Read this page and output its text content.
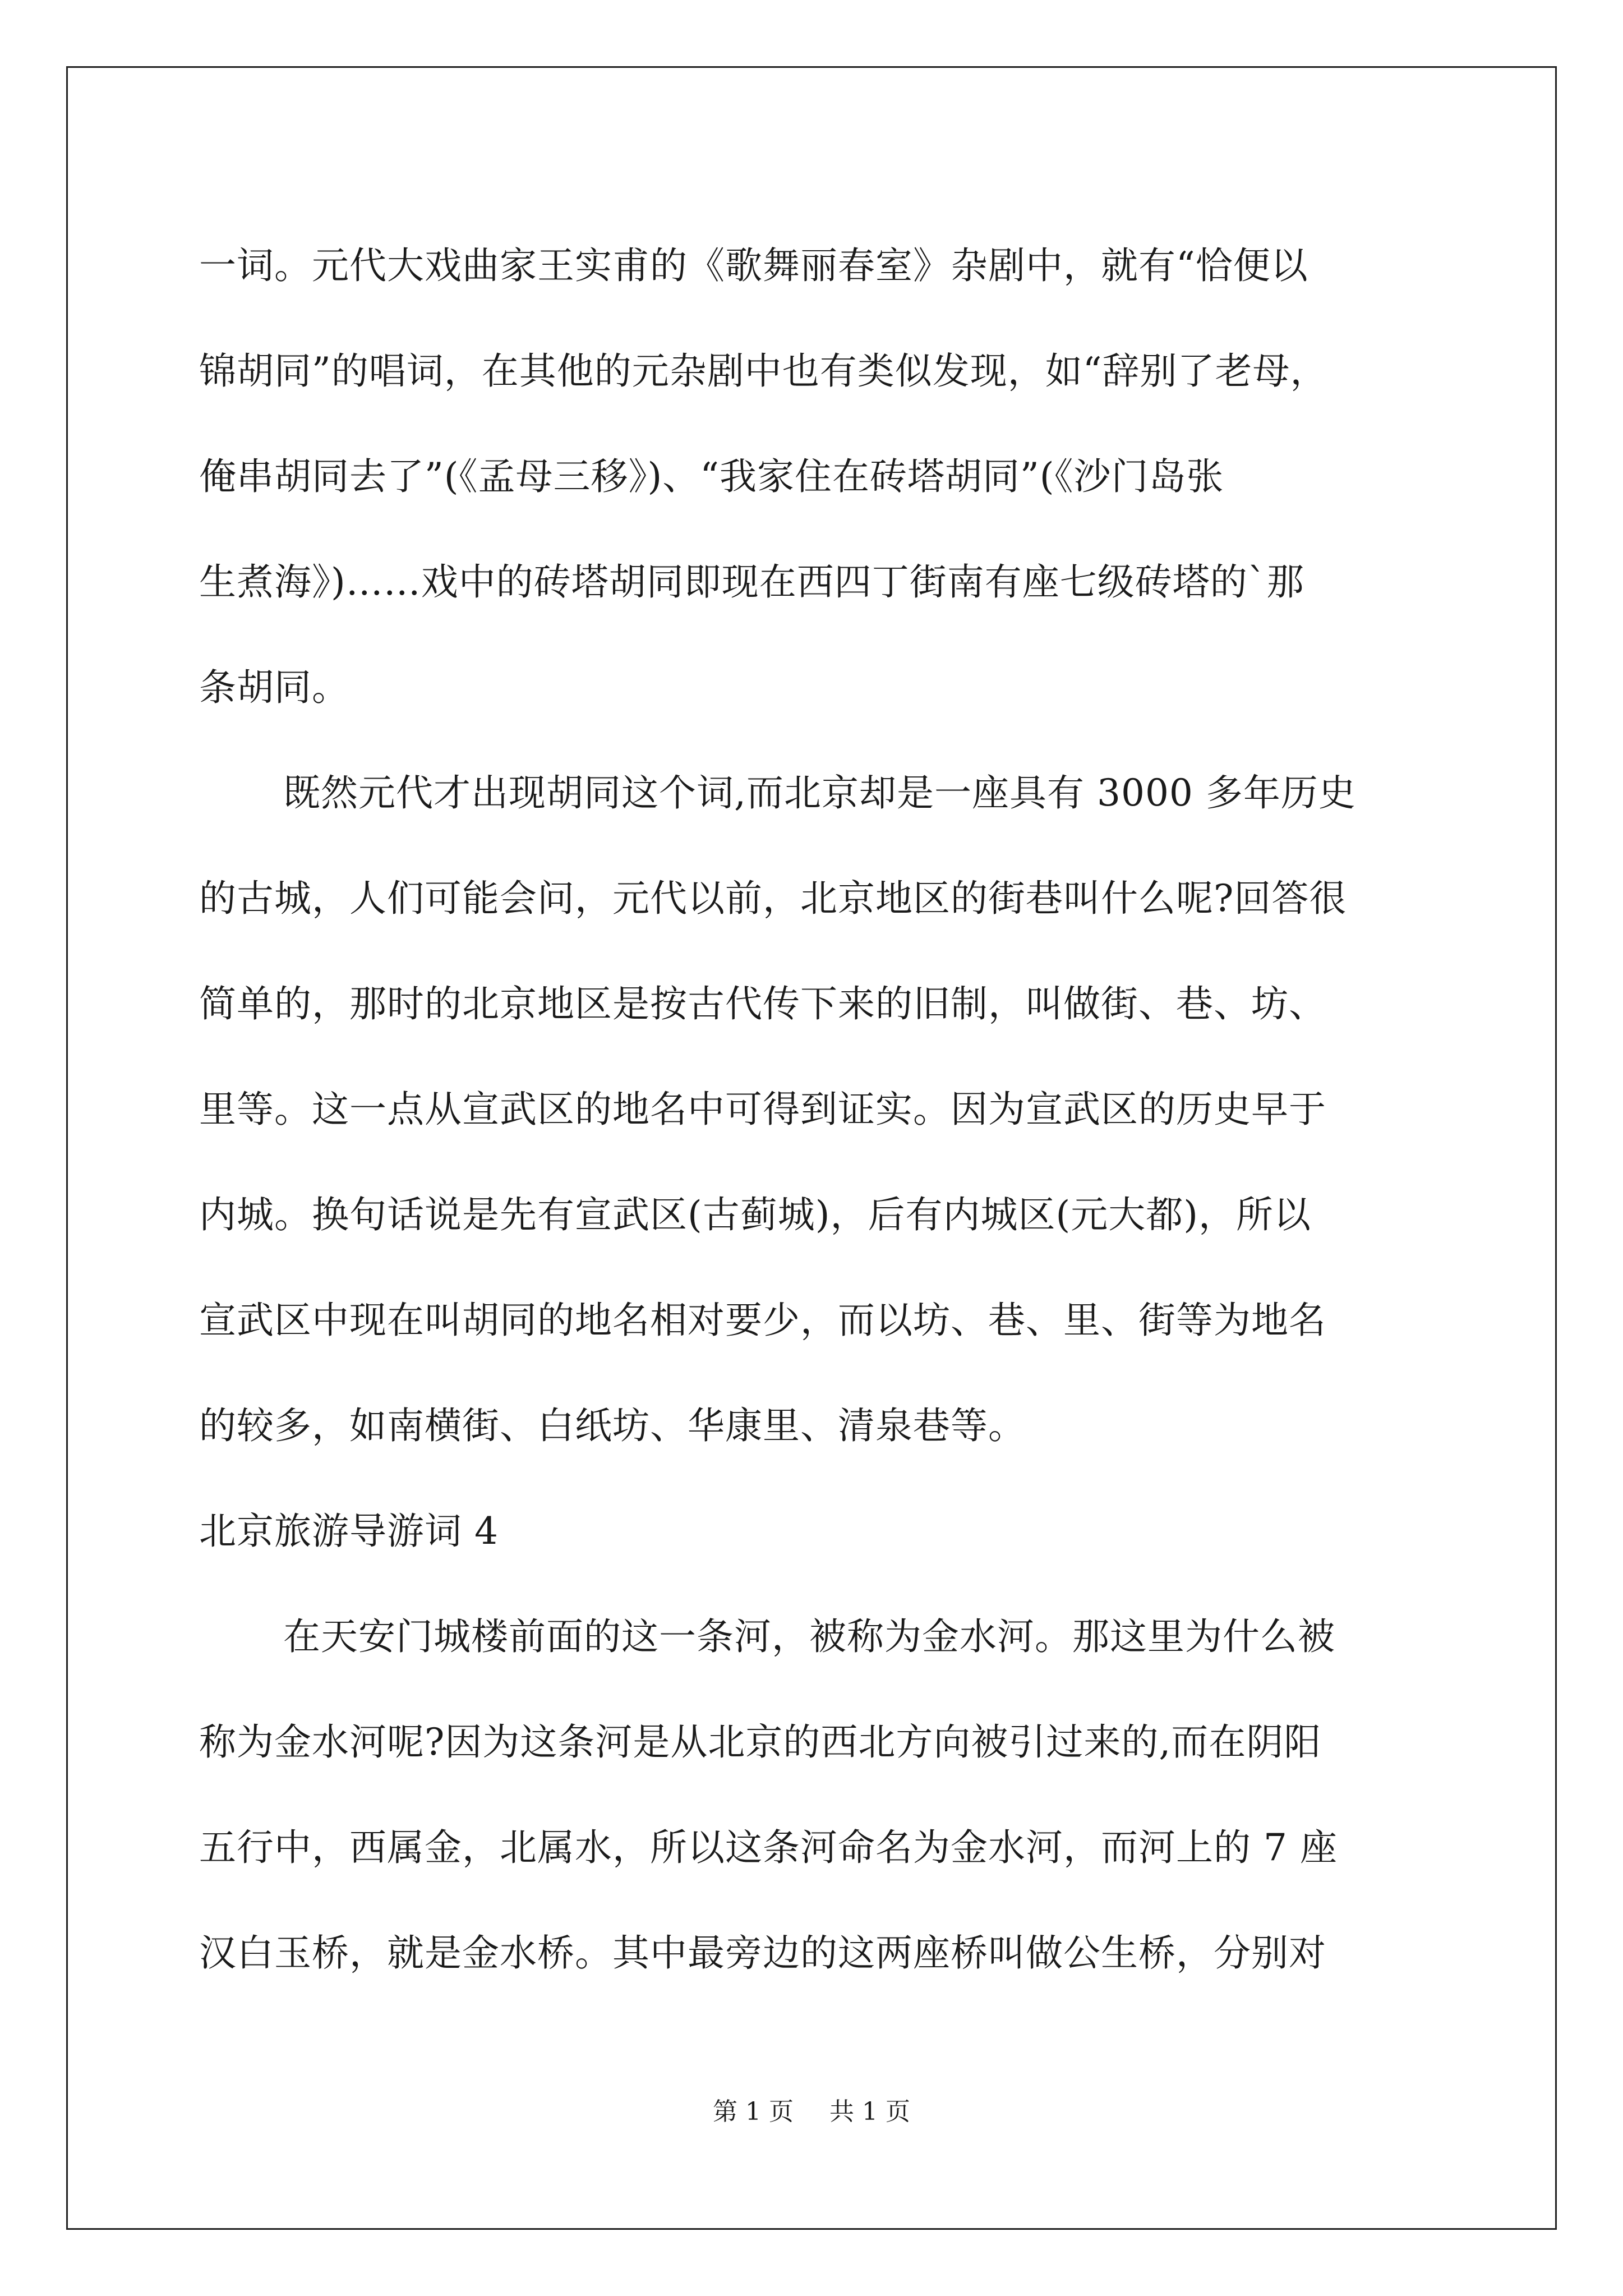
一词。元代大戏曲家王实甫的《歌舞丽春室》杂剧中，就有“恰便以
锦胡同”的唱词，在其他的元杂剧中也有类似发现，如“辞别了老母，
俺串胡同去了”(《孟母三移》)、“我家住在砖塔胡同”(《沙门岛张
生煮海》)……戏中的砖塔胡同即现在西四丁街南有座七级砖塔的`那
条胡同。
既然元代才出现胡同这个词,而北京却是一座具有 3000 多年历史
的古城，人们可能会问，元代以前，北京地区的街巷叫什么呢?回答很
简单的，那时的北京地区是按古代传下来的旧制，叫做街、巷、坊、
里等。这一点从宣武区的地名中可得到证实。因为宣武区的历史早于
内城。换句话说是先有宣武区(古蓟城)，后有内城区(元大都)，所以
宣武区中现在叫胡同的地名相对要少，而以坊、巷、里、街等为地名
的较多，如南横街、白纸坊、华康里、清泉巷等。
北京旅游导游词 4
在天安门城楼前面的这一条河，被称为金水河。那这里为什么被
称为金水河呢?因为这条河是从北京的西北方向被引过来的,而在阴阳
五行中，西属金，北属水，所以这条河命名为金水河，而河上的 7 座
汉白玉桥，就是金水桥。其中最旁边的这两座桥叫做公生桥，分别对
第 1 页 共 1 页
